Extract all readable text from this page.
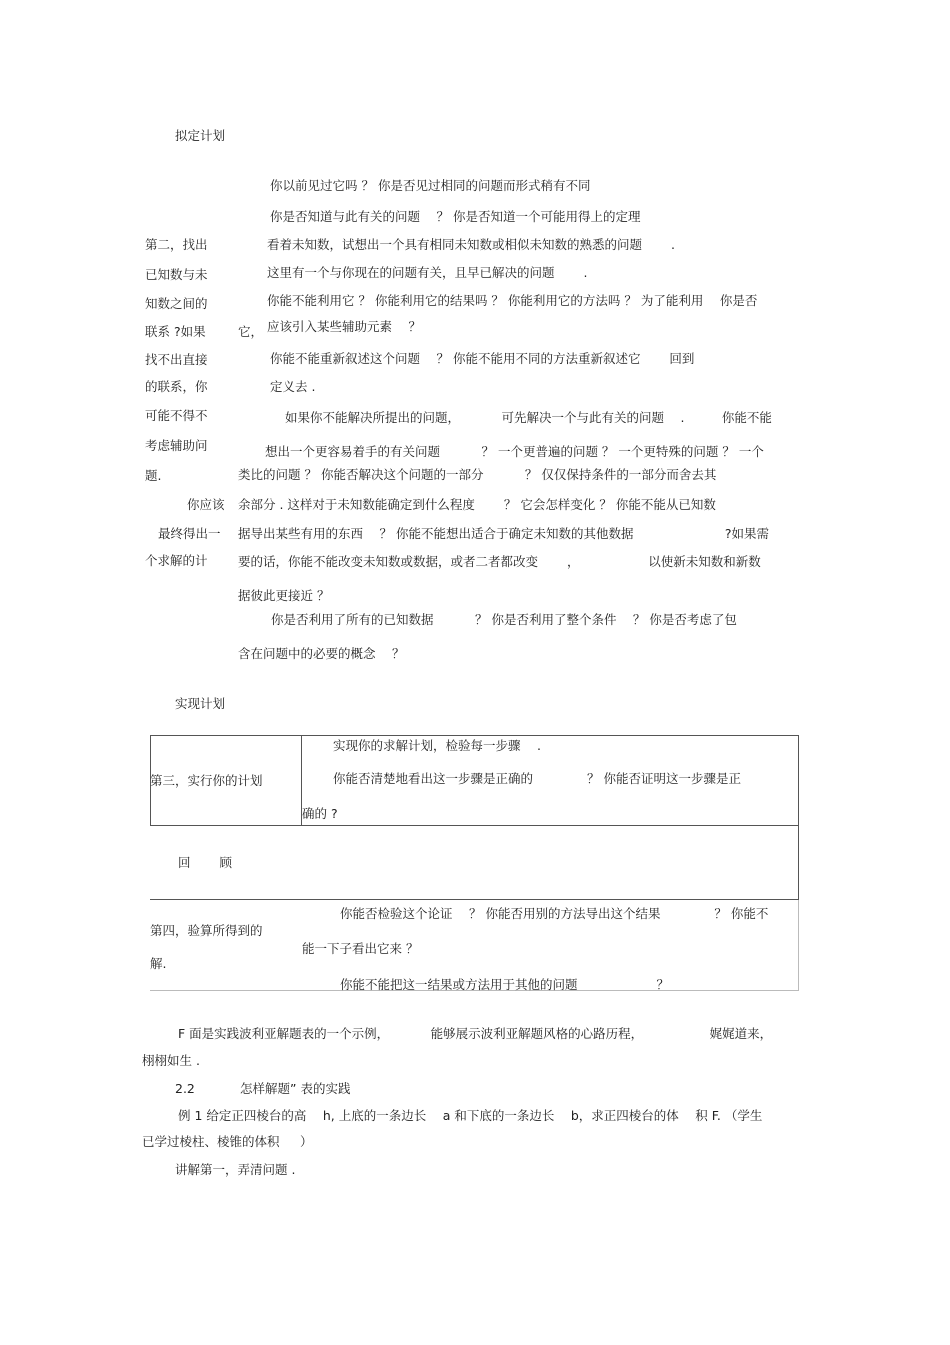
拟定计划
第二，找出
已知数与未
知数之间的
联系 ?如果
找不出直接
的联系，你
可能不得不
考虑辅助问
题.
你应该
最终得出一
个求解的计
它，
你以前见过它吗 ？ 你是否见过相同的问题而形式稍有不同
你是否知道与此有关的问题 　？ 你是否知道一个可能用得上的定理
看着未知数，试想出一个具有相同未知数或相似未知数的熟悉的问题 　　.
这里有一个与你现在的问题有关，且早已解决的问题 　　.
你能不能利用它 ？ 你能利用它的结果吗 ？ 你能利用它的方法吗 ？ 为了能利用 　你是否
应该引入某些辅助元素 　？
你能不能重新叙述这个问题 　？ 你能不能用不同的方法重新叙述它 　　回到
定义去 .
如果你不能解决所提出的问题， 　　　可先解决一个与此有关的问题 　.　　　你能不能
想出一个更容易着手的有关问题 　　　？ 一个更普遍的问题 ？ 一个更特殊的问题 ？ 一个
类比的问题 ？ 你能否解决这个问题的一部分 　　　？ 仅仅保持条件的一部分而舍去其
余部分 . 这样对于未知数能确定到什么程度 　　？ 它会怎样变化 ？ 你能不能从已知数
据导出某些有用的东西 　？ 你能不能想出适合于确定未知数的其他数据 　　　　　　　?如果需
要的话，你能不能改变未知数或数据，或者二者都改变 　　，　　　　　　以使新未知数和新数
据彼此更接近 ？
你是否利用了所有的已知数据 　　　？ 你是否利用了整个条件 　？ 你是否考虑了包
含在问题中的必要的概念 　？
实现计划
第三，实行你的计划
实现你的求解计划，检验每一步骤 　.
你能否清楚地看出这一步骤是正确的 　　　　？ 你能否证明这一步骤是正
确的 ?
回 　　顾
第四，验算所得到的
解.
你能否检验这个论证 　？ 你能否用别的方法导出这个结果 　　　　？ 你能不
能一下子看出它来 ？
你能不能把这一结果或方法用于其他的问题 　　　　　　？
F 面是实践波利亚解题表的一个示例， 　　　能够展示波利亚解题风格的心路历程， 　　　　　娓娓道来，
栩栩如生 .
2.2	怎样解题” 表的实践
例 1 给定正四棱台的高 　h, 上底的一条边长 　a 和下底的一条边长 　b，求正四棱台的体 　积 F. （学生
已学过棱柱、棱锥的体积 　 ）
讲解第一，弄清问题 .
